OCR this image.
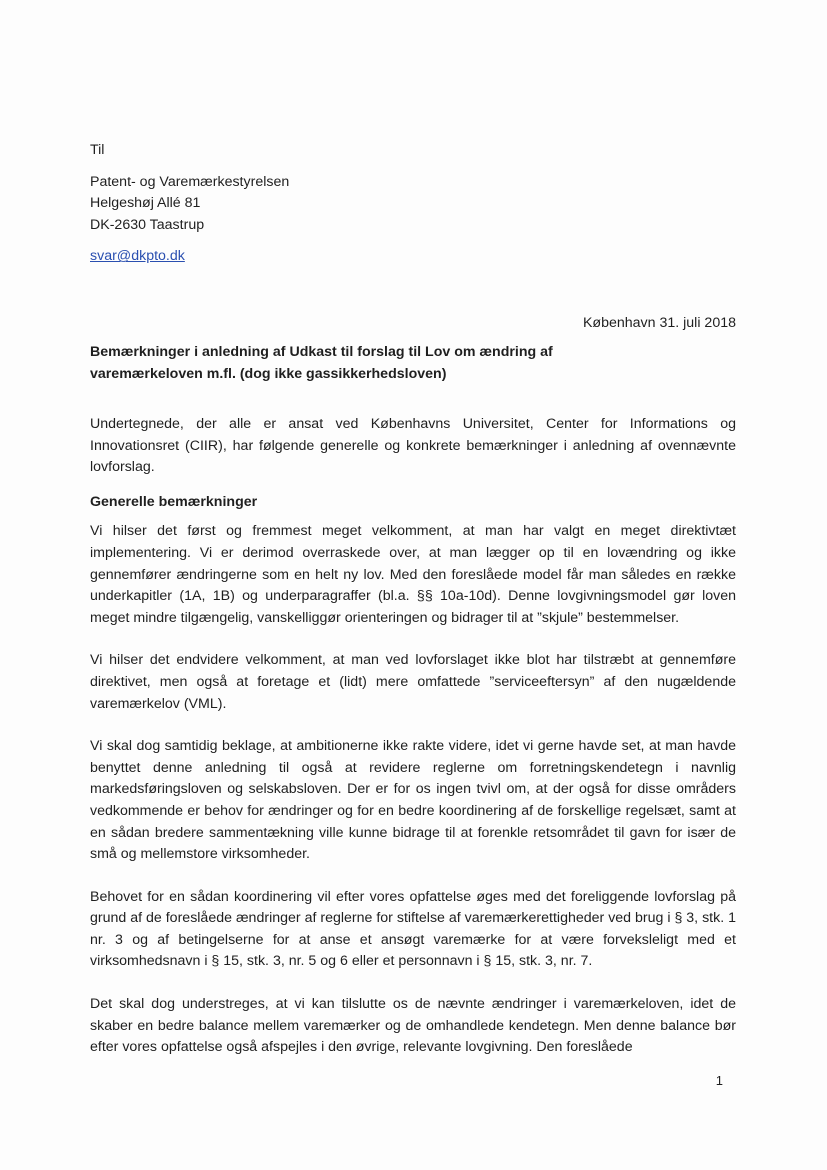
Til

Patent- og Varemærkestyrelsen

Helgeshøj Allé 81

DK-2630 Taastrup

svar@dkpto.dk

København 31. juli 2018

Bemærkninger i anledning af Udkast til forslag til Lov om ændring af

varemærkeloven m.fl. (dog ikke gassikkerhedsloven)

Undertegnede, der alle er ansat ved Københavns Universitet, Center for Informations og Innovationsret (CIIR), har følgende generelle og konkrete bemærkninger i anledning af ovennævnte lovforslag.

Generelle bemærkninger

Vi hilser det først og fremmest meget velkomment, at man har valgt en meget direktivtæt implementering. Vi er derimod overraskede over, at man lægger op til en lovændring og ikke gennemfører ændringerne som en helt ny lov. Med den foreslåede model får man således en række underkapitler (1A, 1B) og underparagraffer (bl.a. §§ 10a-10d). Denne lovgivningsmodel gør loven meget mindre tilgængelig, vanskelliggør orienteringen og bidrager til at ”skjule” bestemmelser.

Vi hilser det endvidere velkomment, at man ved lovforslaget ikke blot har tilstræbt at gennemføre direktivet, men også at foretage et (lidt) mere omfattede ”serviceeftersyn” af den nugældende varemærkelov (VML).

Vi skal dog samtidig beklage, at ambitionerne ikke rakte videre, idet vi gerne havde set, at man havde benyttet denne anledning til også at revidere reglerne om forretningskendetegn i navnlig markedsføringsloven og selskabsloven. Der er for os ingen tvivl om, at der også for disse områders vedkommende er behov for ændringer og for en bedre koordinering af de forskellige regelsæt, samt at en sådan bredere sammentækning ville kunne bidrage til at forenkle retsområdet til gavn for især de små og mellemstore virksomheder.

Behovet for en sådan koordinering vil efter vores opfattelse øges med det foreliggende lovforslag på grund af de foreslåede ændringer af reglerne for stiftelse af varemærkerettigheder ved brug i § 3, stk. 1 nr. 3 og af betingelserne for at anse et ansøgt varemærke for at være forveksleligt med et virksomhedsnavn i § 15, stk. 3, nr. 5 og 6 eller et personnavn i § 15, stk. 3, nr. 7.

Det skal dog understreges, at vi kan tilslutte os de nævnte ændringer i varemærkeloven, idet de skaber en bedre balance mellem varemærker og de omhandlede kendetegn. Men denne balance bør efter vores opfattelse også afspejles i den øvrige, relevante lovgivning. Den foreslåede

1
